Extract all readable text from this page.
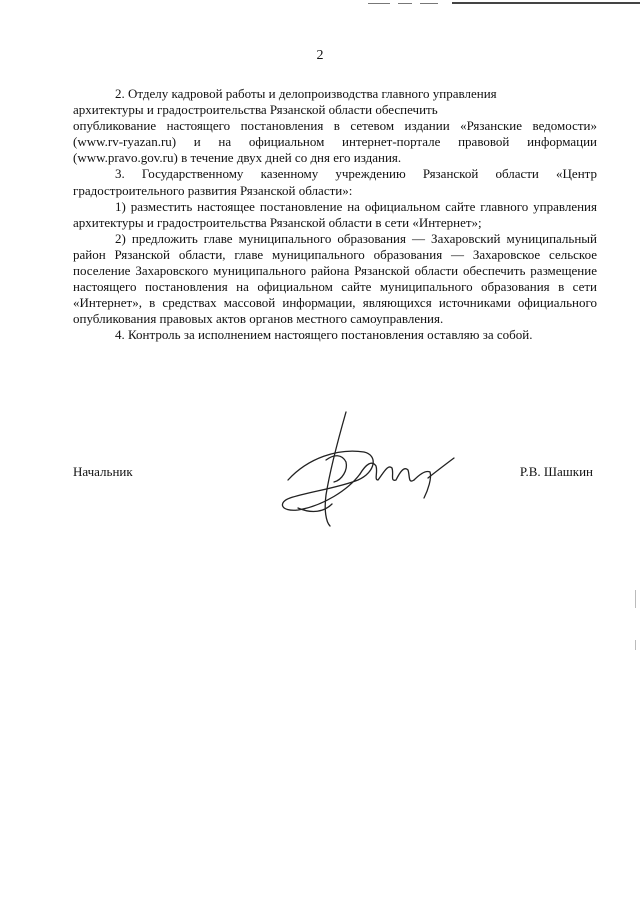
2

2. Отделу кадровой работы и делопроизводства главного управления

архитектуры и градостроительства Рязанской области обеспечить

опубликование настоящего постановления в сетевом издании «Рязанские ведомости» (www.rv-ryazan.ru) и на официальном интернет-портале правовой информации (www.pravo.gov.ru) в течение двух дней со дня его издания.

3. Государственному казенному учреждению Рязанской области «Центр градостроительного развития Рязанской области»:

1) разместить настоящее постановление на официальном сайте главного управления архитектуры и градостроительства Рязанской области в сети «Интернет»;

2) предложить главе муниципального образования — Захаровский муниципальный район Рязанской области, главе муниципального образования — Захаровское сельское поселение Захаровского муниципального района Рязанской области обеспечить размещение настоящего постановления на официальном сайте муниципального образования в сети «Интернет», в средствах массовой информации, являющихся источниками официального опубликования правовых актов органов местного самоуправления.

4. Контроль за исполнением настоящего постановления оставляю за собой.

Начальник	Р.В. Шашкин
